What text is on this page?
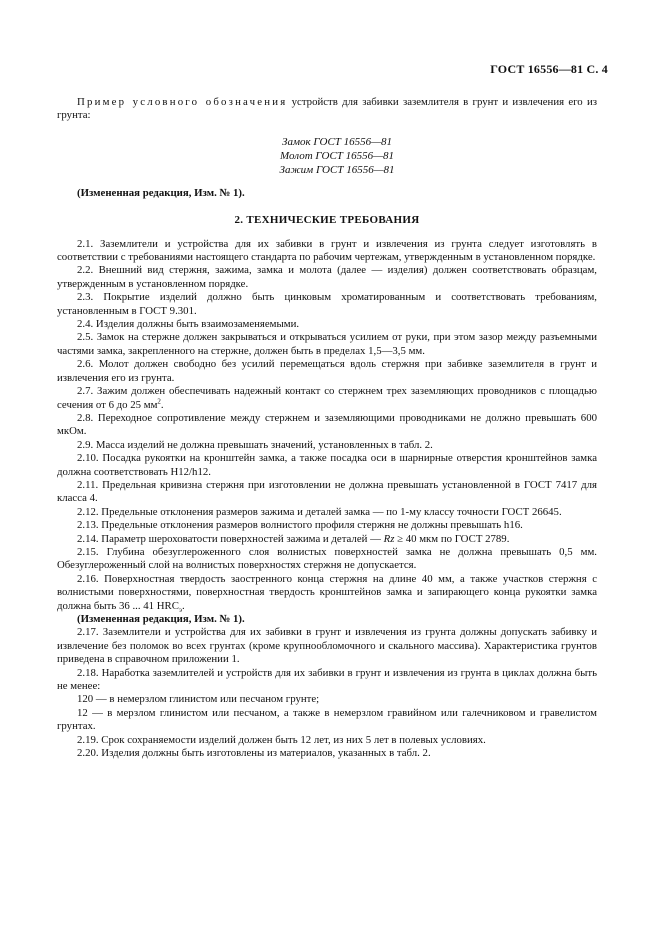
ГОСТ 16556—81 С. 4

Пример условного обозначения устройств для забивки заземлителя в грунт и извлечения его из грунта:

Замок ГОСТ 16556—81
Молот ГОСТ 16556—81
Зажим ГОСТ 16556—81

(Измененная редакция, Изм. № 1).

2. ТЕХНИЧЕСКИЕ ТРЕБОВАНИЯ

2.1. Заземлители и устройства для их забивки в грунт и извлечения из грунта следует изготовлять в соответствии с требованиями настоящего стандарта по рабочим чертежам, утвержденным в установленном порядке.

2.2. Внешний вид стержня, зажима, замка и молота (далее — изделия) должен соответствовать образцам, утвержденным в установленном порядке.

2.3. Покрытие изделий должно быть цинковым хроматированным и соответствовать требованиям, установленным в ГОСТ 9.301.

2.4. Изделия должны быть взаимозаменяемыми.

2.5. Замок на стержне должен закрываться и открываться усилием от руки, при этом зазор между разъемными частями замка, закрепленного на стержне, должен быть в пределах 1,5—3,5 мм.

2.6. Молот должен свободно без усилий перемещаться вдоль стержня при забивке заземлителя в грунт и извлечения его из грунта.

2.7. Зажим должен обеспечивать надежный контакт со стержнем трех заземляющих проводников с площадью сечения от 6 до 25 $мм^2$.

2.8. Переходное сопротивление между стержнем и заземляющими проводниками не должно превышать 600 мкОм.

2.9. Масса изделий не должна превышать значений, установленных в табл. 2.

2.10. Посадка рукоятки на кронштейн замка, а также посадка оси в шарнирные отверстия кронштейнов замка должна соответствовать H12/h12.

2.11. Предельная кривизна стержня при изготовлении не должна превышать установленной в ГОСТ 7417 для класса 4.

2.12. Предельные отклонения размеров зажима и деталей замка — по 1-му классу точности ГОСТ 26645.

2.13. Предельные отклонения размеров волнистого профиля стержня не должны превышать h16.

2.14. Параметр шероховатости поверхностей зажима и деталей — Rz ≥ 40 мкм по ГОСТ 2789.

2.15. Глубина обезуглероженного слоя волнистых поверхностей замка не должна превышать 0,5 мм. Обезуглероженный слой на волнистых поверхностях стержня не допускается.

2.16. Поверхностная твердость заостренного конца стержня на длине 40 мм, а также участков стержня с волнистыми поверхностями, поверхностная твердость кронштейнов замка и запирающего конца рукоятки замка должна быть 36 ... 41 $HRC_э$.

(Измененная редакция, Изм. № 1).

2.17. Заземлители и устройства для их забивки в грунт и извлечения из грунта должны допускать забивку и извлечение без поломок во всех грунтах (кроме крупнообломочного и скального массива). Характеристика грунтов приведена в справочном приложении 1.

2.18. Наработка заземлителей и устройств для их забивки в грунт и извлечения из грунта в циклах должна быть не менее:

120 — в немерзлом глинистом или песчаном грунте;

12 — в мерзлом глинистом или песчаном, а также в немерзлом гравийном или галечниковом и гравелистом грунтах.

2.19. Срок сохраняемости изделий должен быть 12 лет, из них 5 лет в полевых условиях.

2.20. Изделия должны быть изготовлены из материалов, указанных в табл. 2.
